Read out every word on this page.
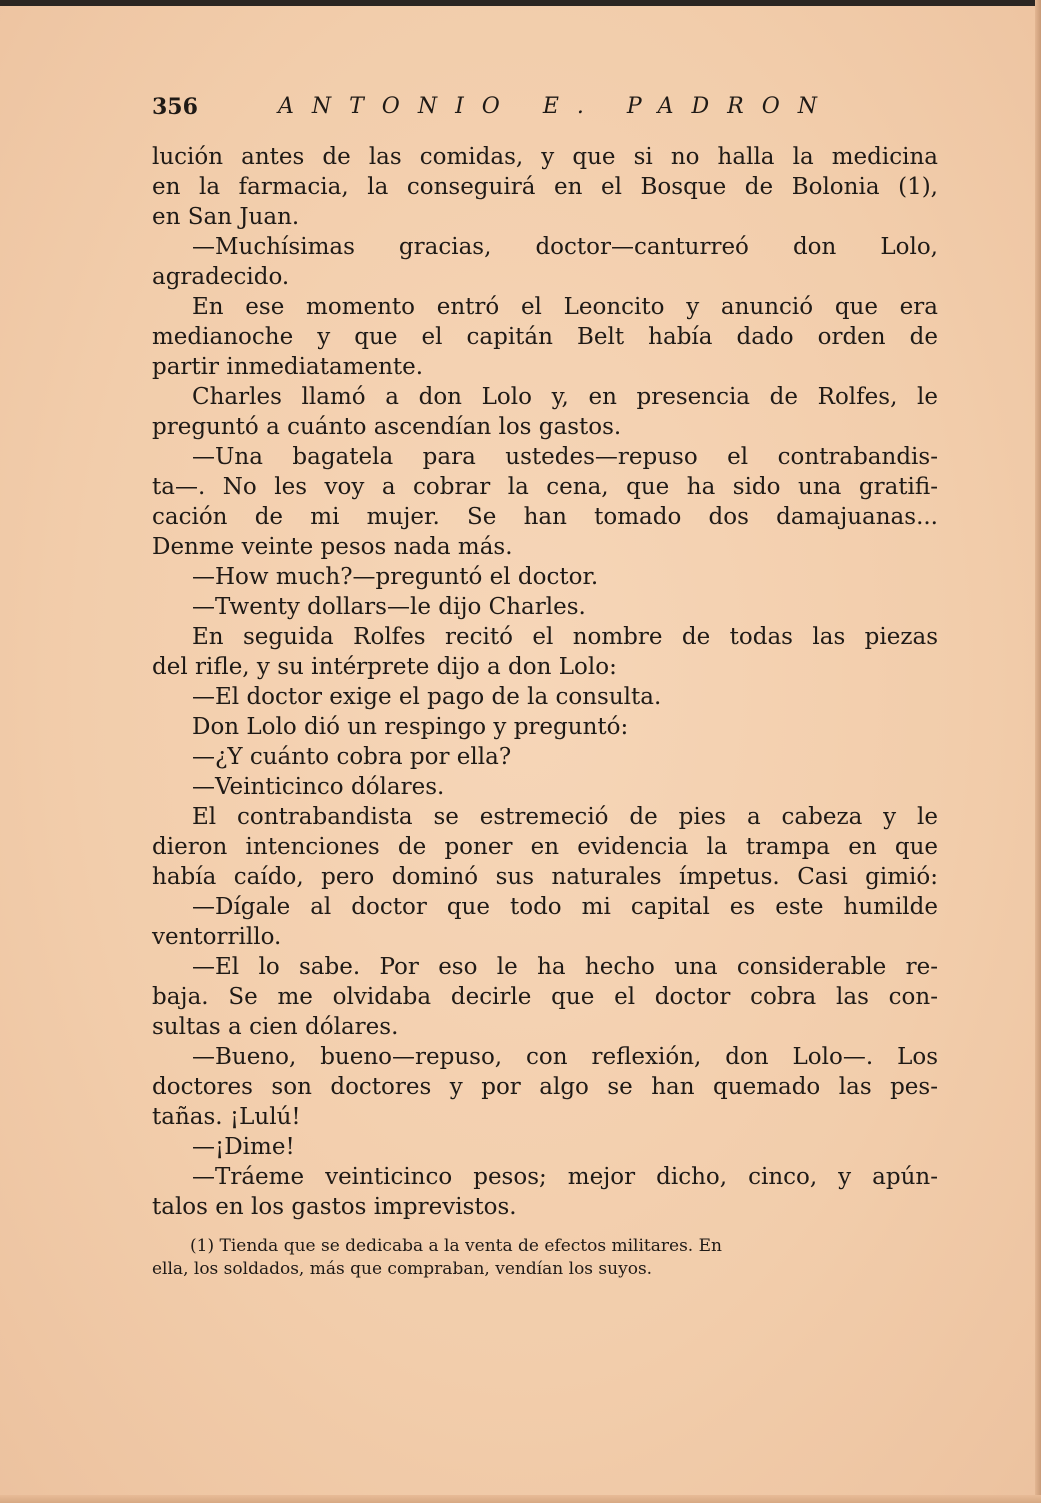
356	ANTONIO E. PADRON
lución antes de las comidas, y que si no halla la medicina
en la farmacia, la conseguirá en el Bosque de Bolonia (1),
en San Juan.
—Muchísimas gracias, doctor—canturreó don Lolo,
agradecido.
En ese momento entró el Leoncito y anunció que era
medianoche y que el capitán Belt había dado orden de
partir inmediatamente.
Charles llamó a don Lolo y, en presencia de Rolfes, le
preguntó a cuánto ascendían los gastos.
—Una bagatela para ustedes—repuso el contrabandis-
ta—. No les voy a cobrar la cena, que ha sido una gratifi-
cación de mi mujer. Se han tomado dos damajuanas...
Denme veinte pesos nada más.
—How much?—preguntó el doctor.
—Twenty dollars—le dijo Charles.
En seguida Rolfes recitó el nombre de todas las piezas
del rifle, y su intérprete dijo a don Lolo:
—El doctor exige el pago de la consulta.
Don Lolo dió un respingo y preguntó:
—¿Y cuánto cobra por ella?
—Veinticinco dólares.
El contrabandista se estremeció de pies a cabeza y le
dieron intenciones de poner en evidencia la trampa en que
había caído, pero dominó sus naturales ímpetus. Casi gimió:
—Dígale al doctor que todo mi capital es este humilde
ventorrillo.
—El lo sabe. Por eso le ha hecho una considerable re-
baja. Se me olvidaba decirle que el doctor cobra las con-
sultas a cien dólares.
—Bueno, bueno—repuso, con reflexión, don Lolo—. Los
doctores son doctores y por algo se han quemado las pes-
tañas. ¡Lulú!
—¡Dime!
—Tráeme veinticinco pesos; mejor dicho, cinco, y apún-
talos en los gastos imprevistos.
(1) Tienda que se dedicaba a la venta de efectos militares. En
ella, los soldados, más que compraban, vendían los suyos.
